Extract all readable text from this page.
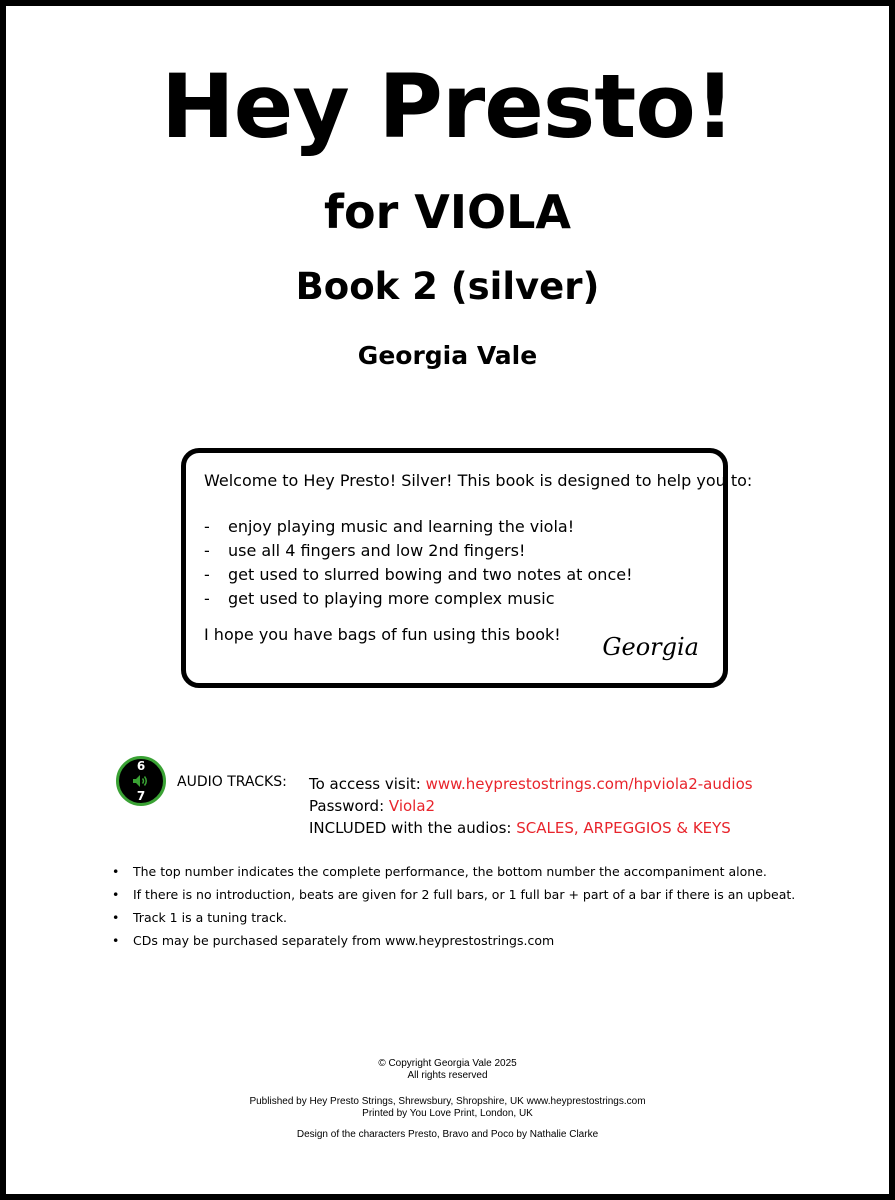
Hey Presto!
for VIOLA
Book 2 (silver)
Georgia Vale
Welcome to Hey Presto! Silver! This book is designed to help you to:
- enjoy playing music and learning the viola!
- use all 4 fingers and low 2nd fingers!
- get used to slurred bowing and two notes at once!
- get used to playing more complex music
I hope you have bags of fun using this book! Georgia
6
7
AUDIO TRACKS: To access visit: www.heyprestostrings.com/hpviola2-audios
Password: Viola2
INCLUDED with the audios: SCALES, ARPEGGIOS & KEYS
• The top number indicates the complete performance, the bottom number the accompaniment alone.
• If there is no introduction, beats are given for 2 full bars, or 1 full bar + part of a bar if there is an upbeat.
• Track 1 is a tuning track.
• CDs may be purchased separately from www.heyprestostrings.com
© Copyright Georgia Vale 2025
All rights reserved
Published by Hey Presto Strings, Shrewsbury, Shropshire, UK www.heyprestostrings.com
Printed by You Love Print, London, UK
Design of the characters Presto, Bravo and Poco by Nathalie Clarke
